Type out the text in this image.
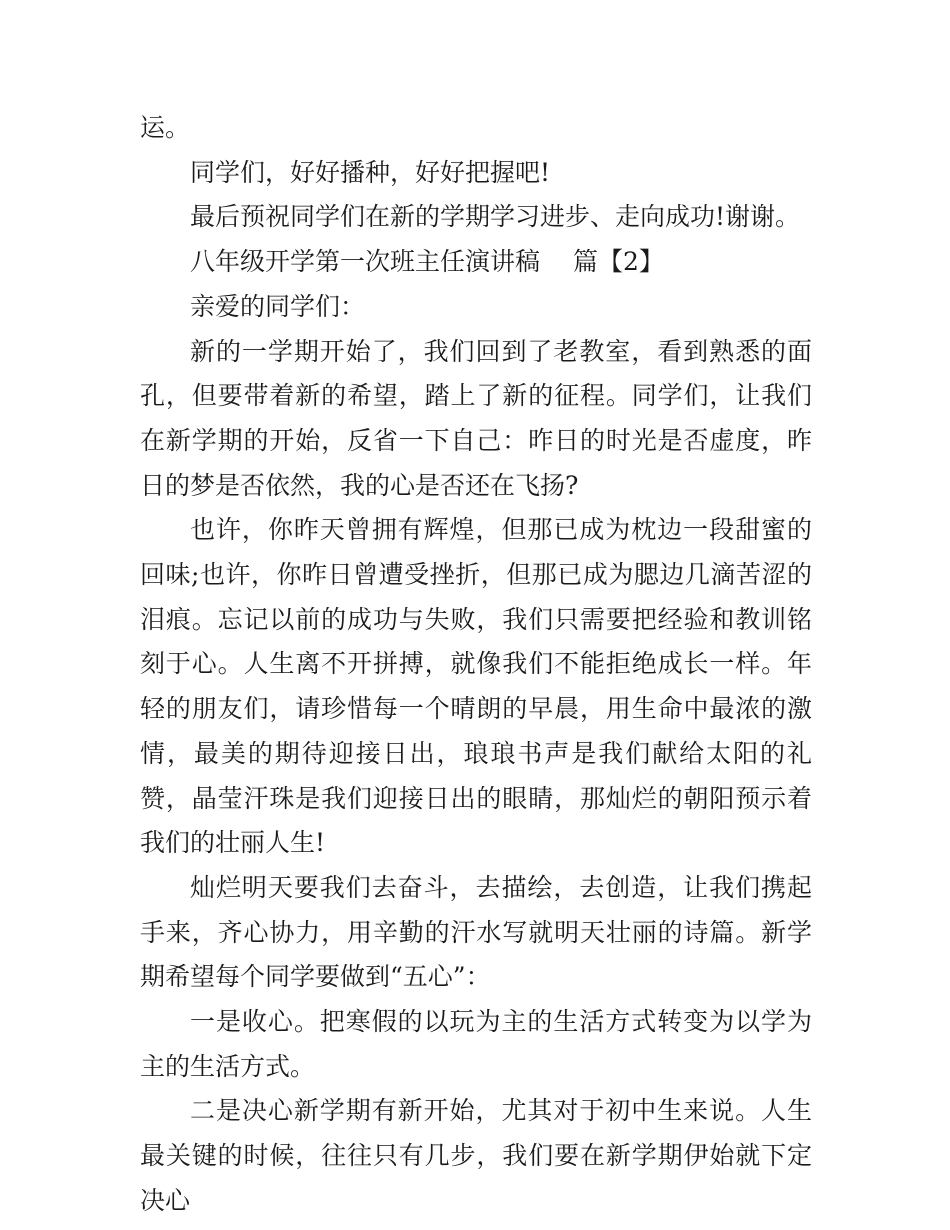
运。

同学们，好好播种，好好把握吧!

最后预祝同学们在新的学期学习进步、走向成功!谢谢。

八年级开学第一次班主任演讲稿　 篇【2】

亲爱的同学们：

新的一学期开始了，我们回到了老教室，看到熟悉的面孔，但要带着新的希望，踏上了新的征程。同学们，让我们在新学期的开始，反省一下自己：昨日的时光是否虚度，昨日的梦是否依然，我的心是否还在飞扬?

也许，你昨天曾拥有辉煌，但那已成为枕边一段甜蜜的回味;也许，你昨日曾遭受挫折，但那已成为腮边几滴苦涩的泪痕。忘记以前的成功与失败，我们只需要把经验和教训铭刻于心。人生离不开拼搏，就像我们不能拒绝成长一样。年轻的朋友们，请珍惜每一个晴朗的早晨，用生命中最浓的激情，最美的期待迎接日出，琅琅书声是我们献给太阳的礼赞，晶莹汗珠是我们迎接日出的眼睛，那灿烂的朝阳预示着我们的壮丽人生!

灿烂明天要我们去奋斗，去描绘，去创造，让我们携起手来，齐心协力，用辛勤的汗水写就明天壮丽的诗篇。新学期希望每个同学要做到“五心”：

一是收心。把寒假的以玩为主的生活方式转变为以学为主的生活方式。

二是决心新学期有新开始，尤其对于初中生来说。人生最关键的时候，往往只有几步，我们要在新学期伊始就下定决心
